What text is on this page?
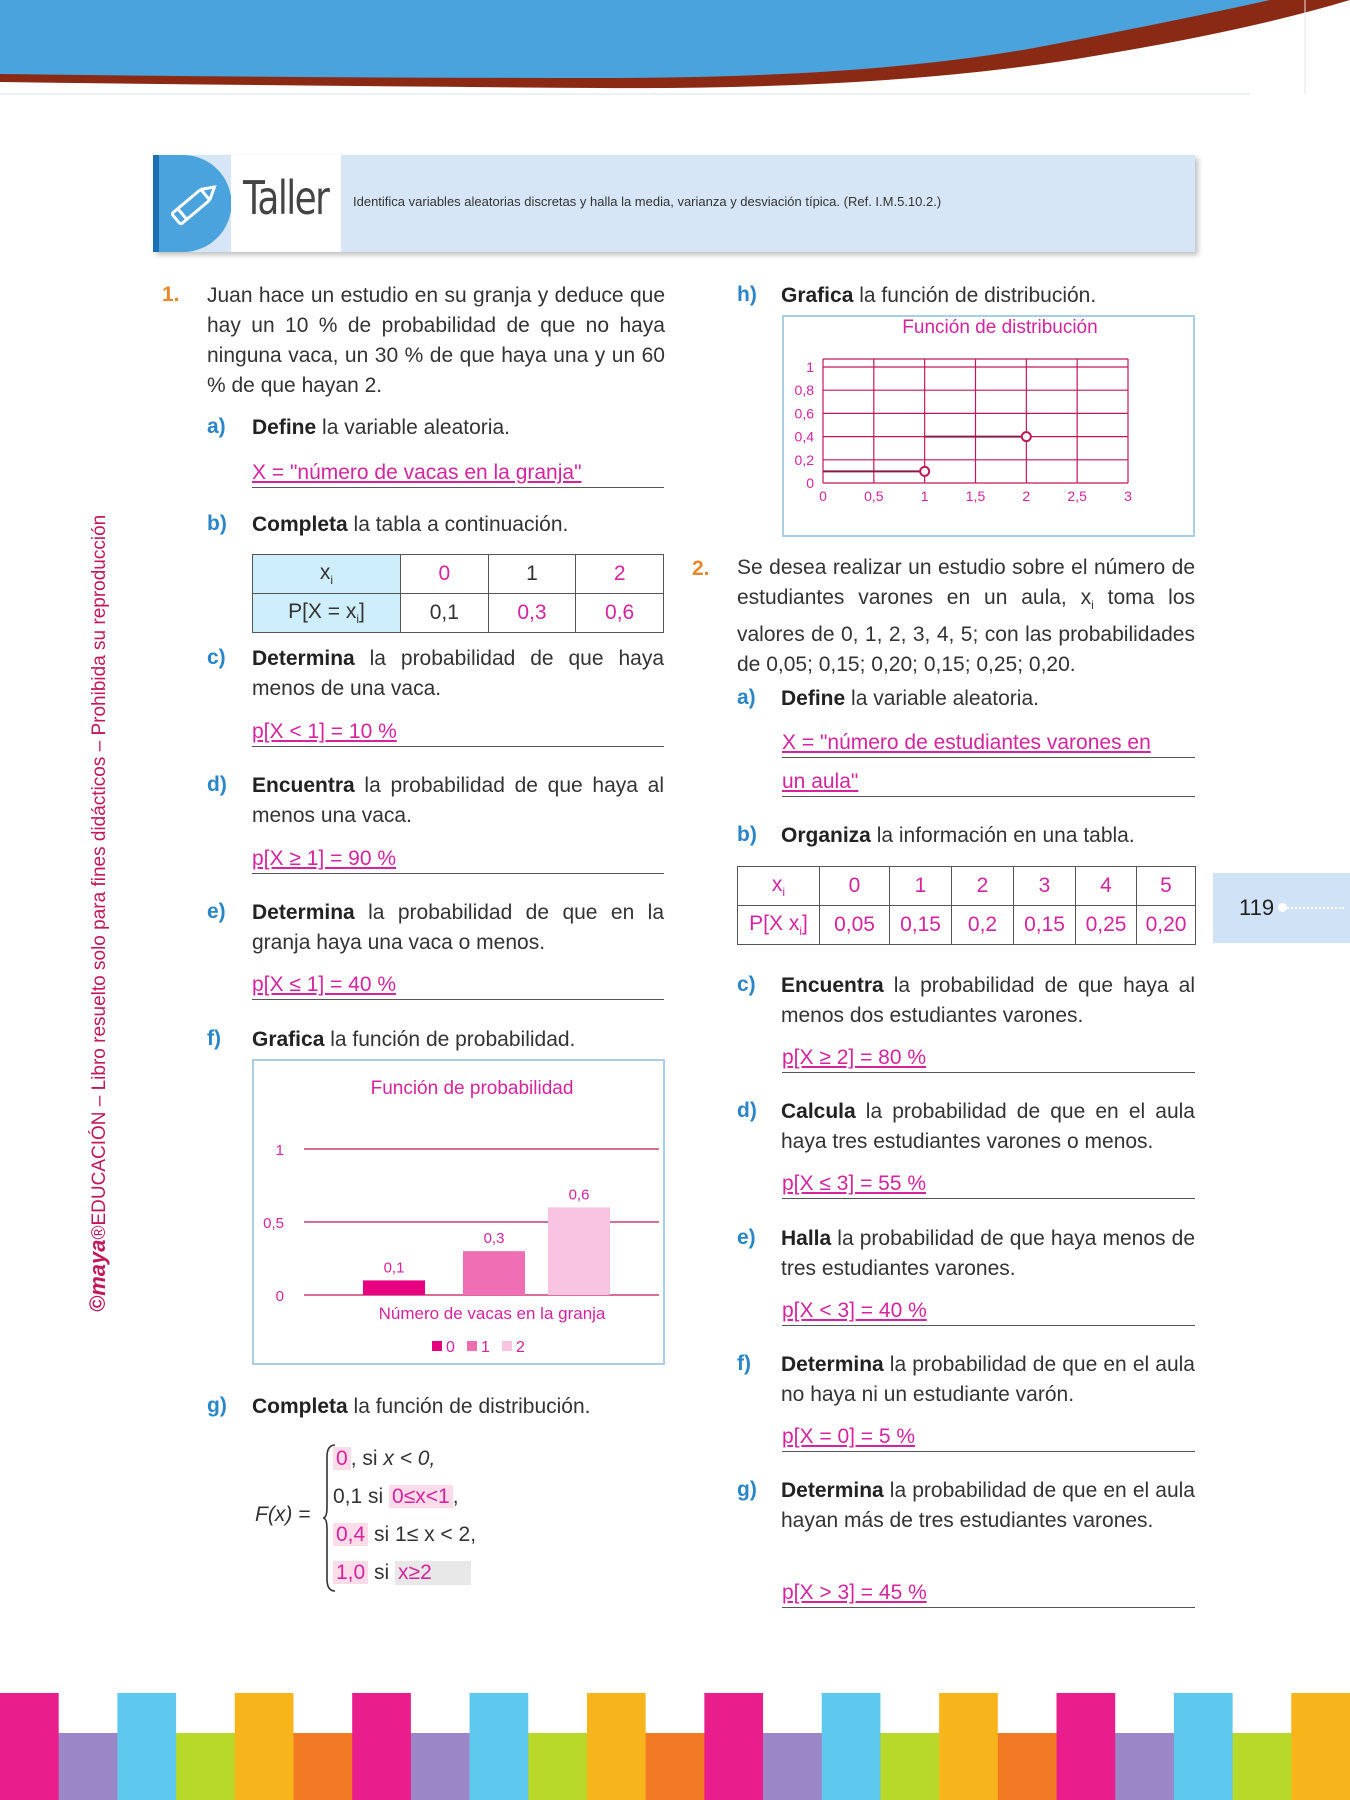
©maya®EDUCACIÓN – Libro resuelto solo para fines didácticos – Prohibida su reproducción	119
Taller Identifica variables aleatorias discretas y halla la media, varianza y desviación típica. (Ref. I.M.5.10.2.)
1. Juan hace un estudio en su granja y deduce que hay un 10 % de probabilidad de que no haya ninguna vaca, un 30 % de que haya una y un 60 % de que hayan 2.
a) Define la variable aleatoria.
X = "número de vacas en la granja"
b) Completa la tabla a continuación.
$x_i$	0	1	2
$P[X = x_i]$	0,1	0,3	0,6
c) Determina la probabilidad de que haya menos de una vaca.
p[X < 1] = 10 %
d) Encuentra la probabilidad de que haya al menos una vaca.
p[X ≥ 1] = 90 %
e) Determina la probabilidad de que en la granja haya una vaca o menos.
p[X ≤ 1] = 40 %
f) Grafica la función de probabilidad.
Función de probabilidad
0
0,5
1
0,1
0,3
0,6
Número de vacas en la granja
0 1 2
g) Completa la función de distribución.
F(x) =
0 , si x < 0,
0,1 si 0≤x<1 ,
0,4 si 1≤ x < 2,
1,0 si x≥2
h) Grafica la función de distribución.
Función de distribución
0
0,2
0,4
0,6
0,8
1
0	0,5	1	1,5	2	2,5	3
2. Se desea realizar un estudio sobre el número de estudiantes varones en un aula, $x_i$ toma los valores de 0, 1, 2, 3, 4, 5; con las probabilidades de 0,05; 0,15; 0,20; 0,15; 0,25; 0,20.
a) Define la variable aleatoria.
X = "número de estudiantes varones en
un aula"
b) Organiza la información en una tabla.
$x_i$	0	1	2	3	4	5
P[X $x_i$]	0,05	0,15	0,2	0,15	0,25	0,20
c) Encuentra la probabilidad de que haya al menos dos estudiantes varones.
p[X ≥ 2] = 80 %
d) Calcula la probabilidad de que en el aula haya tres estudiantes varones o menos.
p[X ≤ 3] = 55 %
e) Halla la probabilidad de que haya menos de tres estudiantes varones.
p[X < 3] = 40 %
f) Determina la probabilidad de que en el aula no haya ni un estudiante varón.
p[X = 0] = 5 %
g) Determina la probabilidad de que en el aula hayan más de tres estudiantes varones.
p[X > 3] = 45 %
